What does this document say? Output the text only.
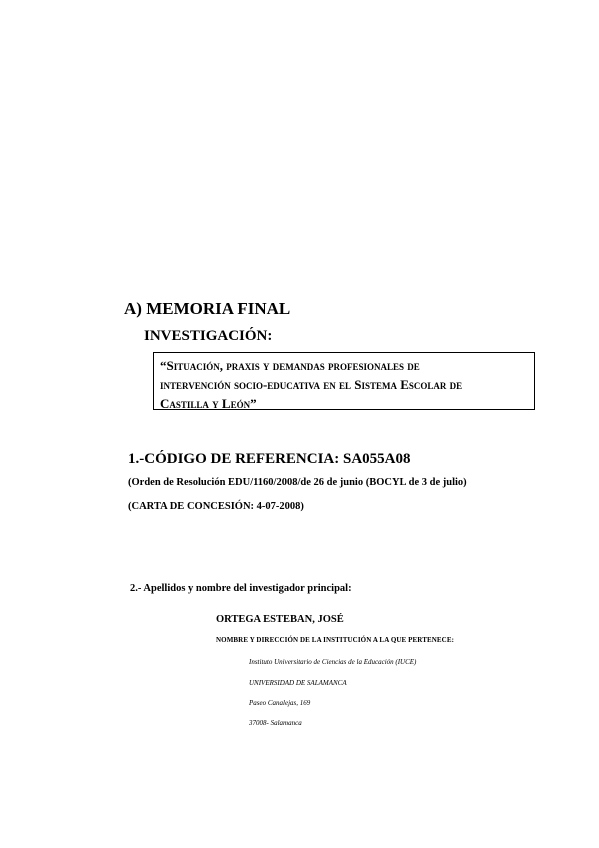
A) MEMORIA FINAL
INVESTIGACIÓN:
“Situación, praxis y demandas profesionales de
intervención socio-educativa en el Sistema Escolar de
Castilla y León”
1.-CÓDIGO DE REFERENCIA: SA055A08
(Orden de Resolución EDU/1160/2008/de 26 de junio (BOCYL de 3 de julio)
(CARTA DE CONCESIÓN: 4-07-2008)
2.- Apellidos y nombre del investigador principal:
ORTEGA ESTEBAN, JOSÉ
NOMBRE Y DIRECCIÓN DE LA INSTITUCIÓN A LA QUE PERTENECE:
Instituto Universitario de Ciencias de la Educación (IUCE)
UNIVERSIDAD DE SALAMANCA
Paseo Canalejas, 169
37008- Salamanca
